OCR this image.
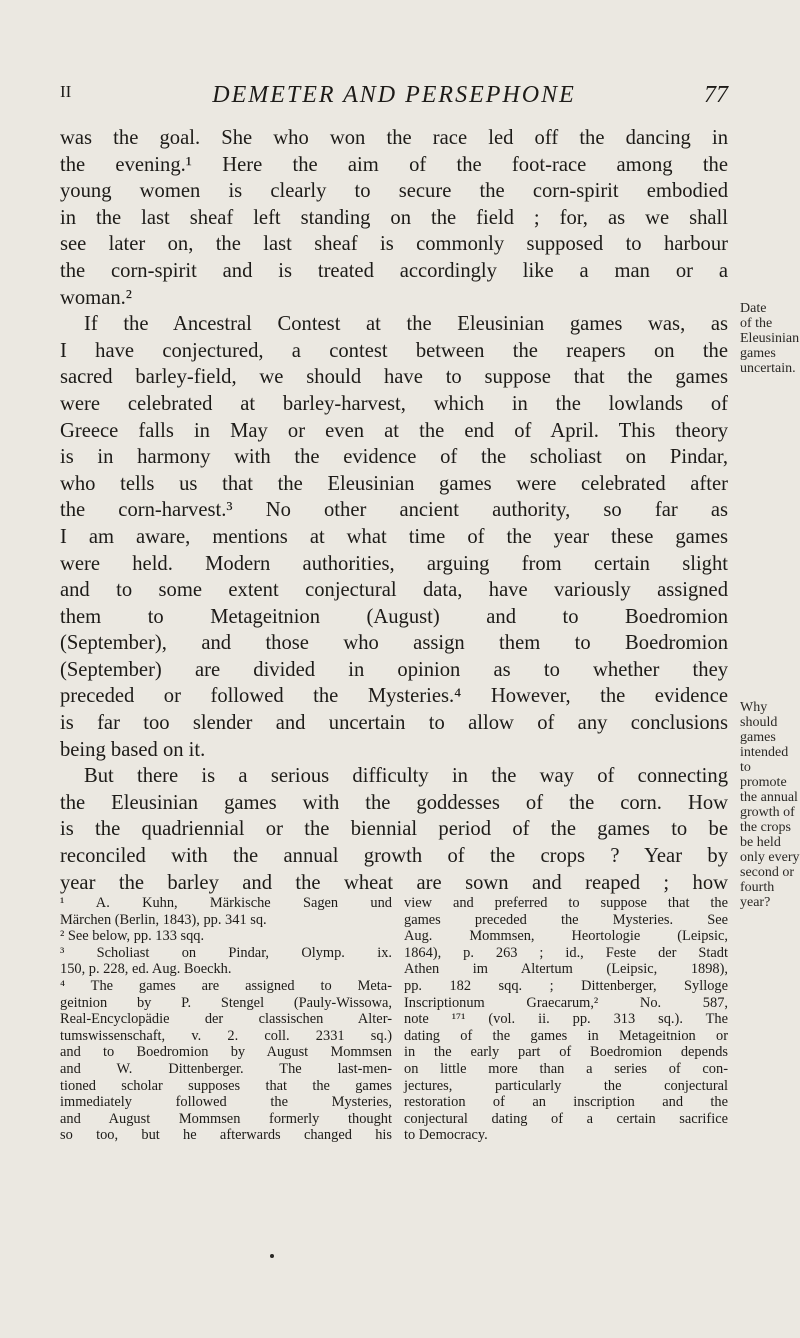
II	DEMETER AND PERSEPHONE	77
was the goal. She who won the race led off the dancing in
the evening.¹ Here the aim of the foot-race among the
young women is clearly to secure the corn-spirit embodied
in the last sheaf left standing on the field ; for, as we shall
see later on, the last sheaf is commonly supposed to harbour
the corn-spirit and is treated accordingly like a man or a
woman.²
If the Ancestral Contest at the Eleusinian games was, as
I have conjectured, a contest between the reapers on the
sacred barley-field, we should have to suppose that the games
were celebrated at barley-harvest, which in the lowlands of
Greece falls in May or even at the end of April. This theory
is in harmony with the evidence of the scholiast on Pindar,
who tells us that the Eleusinian games were celebrated after
the corn-harvest.³ No other ancient authority, so far as
I am aware, mentions at what time of the year these games
were held. Modern authorities, arguing from certain slight
and to some extent conjectural data, have variously assigned
them to Metageitnion (August) and to Boedromion
(September), and those who assign them to Boedromion
(September) are divided in opinion as to whether they
preceded or followed the Mysteries.⁴ However, the evidence
is far too slender and uncertain to allow of any conclusions
being based on it.
But there is a serious difficulty in the way of connecting
the Eleusinian games with the goddesses of the corn. How
is the quadriennial or the biennial period of the games to be
reconciled with the annual growth of the crops ? Year by
year the barley and the wheat are sown and reaped ; how
Date
of the
Eleusinian
games
uncertain.
Why
should
games
intended to
promote
the annual
growth of
the crops
be held
only every
second or
fourth
year?
¹ A. Kuhn, Märkische Sagen und
Märchen (Berlin, 1843), pp. 341 sq.
² See below, pp. 133 sqq.
³ Scholiast on Pindar, Olymp. ix.
150, p. 228, ed. Aug. Boeckh.
⁴ The games are assigned to Meta-
geitnion by P. Stengel (Pauly-Wissowa,
Real-Encyclopädie der classischen Alter-
tumswissenschaft, v. 2. coll. 2331 sq.)
and to Boedromion by August Mommsen
and W. Dittenberger. The last-men-
tioned scholar supposes that the games
immediately followed the Mysteries,
and August Mommsen formerly thought
so too, but he afterwards changed his
view and preferred to suppose that the
games preceded the Mysteries. See
Aug. Mommsen, Heortologie (Leipsic,
1864), p. 263 ; id., Feste der Stadt
Athen im Altertum (Leipsic, 1898),
pp. 182 sqq. ; Dittenberger, Sylloge
Inscriptionum Graecarum,² No. 587,
note ¹⁷¹ (vol. ii. pp. 313 sq.). The
dating of the games in Metageitnion or
in the early part of Boedromion depends
on little more than a series of con-
jectures, particularly the conjectural
restoration of an inscription and the
conjectural dating of a certain sacrifice
to Democracy.
